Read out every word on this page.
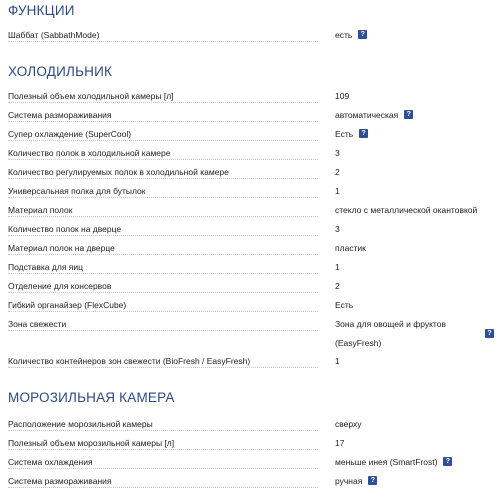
ФУНКЦИИ
Шаббат (SabbathMode)	есть ?
ХОЛОДИЛЬНИК
Полезный объем холодильной камеры [л]	109
Система размораживания	автоматическая ?
Супер охлаждение (SuperCool)	Есть ?
Количество полок в холодильной камере	3
Количество регулируемых полок в холодильной камере	2
Универсальная полка для бутылок	1
Материал полок	стекло с металлической окантовкой
Количество полок на дверце	3
Материал полок на дверце	пластик
Подставка для яиц	1
Отделение для консервов	2
Гибкий органайзер (FlexCube)	Есть
Зона свежести	Зона для овощей и фруктов
(EasyFresh)
?
Количество контейнеров зон свежести (BioFresh / EasyFresh)	1
МОРОЗИЛЬНАЯ КАМЕРА
Расположение морозильной камеры	сверху
Полезный объем морозильной камеры [л]	17
Система охлаждения	меньше инея (SmartFrost) ?
Система размораживания	ручная ?
